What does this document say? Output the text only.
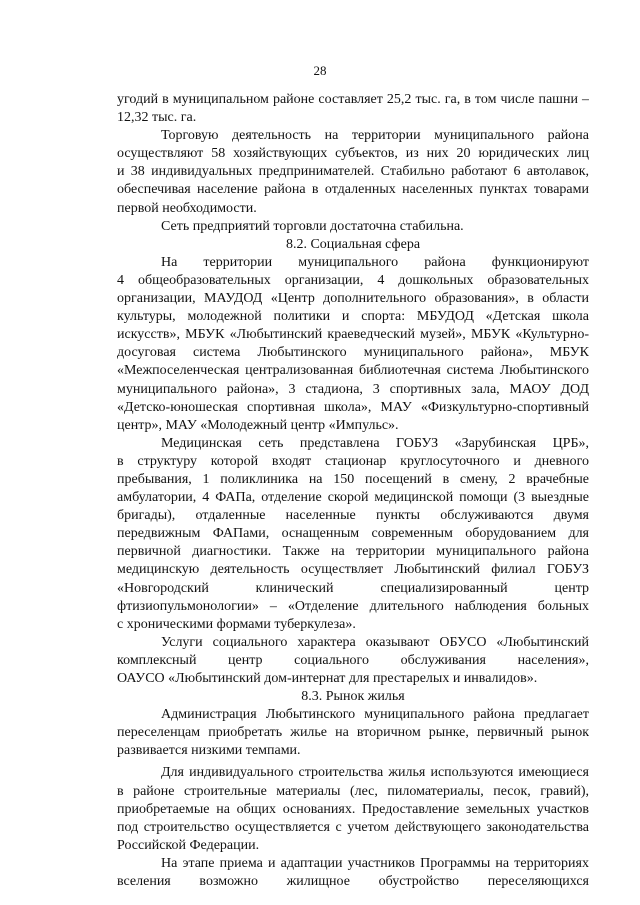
28
угодий в муниципальном районе составляет 25,2 тыс. га, в том числе пашни –
12,32 тыс. га.
Торговую деятельность на территории муниципального района
осуществляют 58 хозяйствующих субъектов, из них 20 юридических лиц
и 38 индивидуальных предпринимателей. Стабильно работают 6 автолавок,
обеспечивая население района в отдаленных населенных пунктах товарами
первой необходимости.
Сеть предприятий торговли достаточна стабильна.
8.2. Социальная сфера
На территории муниципального района функционируют
4 общеобразовательных организации, 4 дошкольных образовательных
организации, МАУДОД «Центр дополнительного образования», в области
культуры, молодежной политики и спорта: МБУДОД «Детская школа
искусств», МБУК «Любытинский краеведческий музей», МБУК «Культурно-
досуговая система Любытинского муниципального района», МБУК
«Межпоселенческая централизованная библиотечная система Любытинского
муниципального района», 3 стадиона, 3 спортивных зала, МАОУ ДОД
«Детско-юношеская спортивная школа», МАУ «Физкультурно-спортивный
центр», МАУ «Молодежный центр «Импульс».
Медицинская сеть представлена ГОБУЗ «Зарубинская ЦРБ»,
в структуру которой входят стационар круглосуточного и дневного
пребывания, 1 поликлиника на 150 посещений в смену, 2 врачебные
амбулатории, 4 ФАПа, отделение скорой медицинской помощи (3 выездные
бригады), отдаленные населенные пункты обслуживаются двумя
передвижным ФАПами, оснащенным современным оборудованием для
первичной диагностики. Также на территории муниципального района
медицинскую деятельность осуществляет Любытинский филиал ГОБУЗ
«Новгородский клинический специализированный центр
фтизиопульмонологии» – «Отделение длительного наблюдения больных
с хроническими формами туберкулеза».
Услуги социального характера оказывают ОБУСО «Любытинский
комплексный центр социального обслуживания населения»,
ОАУСО «Любытинский дом-интернат для престарелых и инвалидов».
8.3. Рынок жилья
Администрация Любытинского муниципального района предлагает
переселенцам приобретать жилье на вторичном рынке, первичный рынок
развивается низкими темпами.
Для индивидуального строительства жилья используются имеющиеся
в районе строительные материалы (лес, пиломатериалы, песок, гравий),
приобретаемые на общих основаниях. Предоставление земельных участков
под строительство осуществляется с учетом действующего законодательства
Российской Федерации.
На этапе приема и адаптации участников Программы на территориях
вселения возможно жилищное обустройство переселяющихся
